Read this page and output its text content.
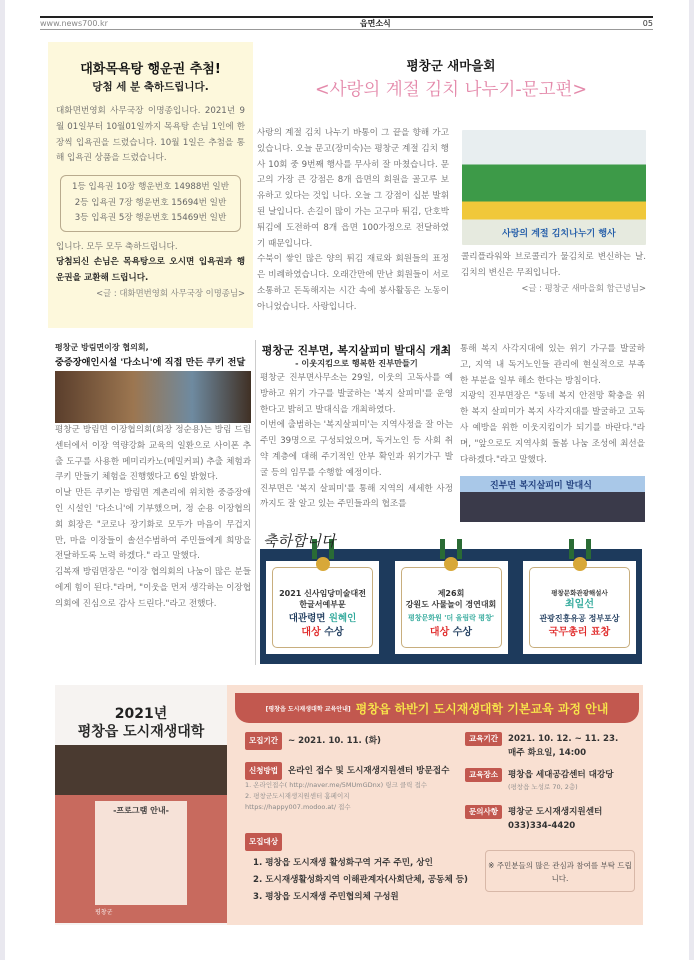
www.news700.kr	읍면소식	05
대화목욕탕 행운권 추첨!
당첨 세 분 축하드립니다.

대화면번영회 사무국장 이명종입니다. 2021년 9월 01일부터 10월01일까지 목욕탕 손님 1인에 한 장씩 입욕권을 드렸습니다. 10월 1일은 추첨을 통해 입욕권 상품을 드렸습니다.

1등 입욕권 10장 행운번호 14988번 일반
2등 입욕권 7장 행운번호 15694번 일반
3등 입욕권 5장 행운번호 15469번 일반

입니다. 모두 모두 축하드립니다.

당첨되신 손님은 목욕탕으로 오시면 입욕권과 행운권을 교환해 드립니다.

<글 : 대화면번영회 사무국장 이명종님>

평창군 새마을회
<사랑의 계절 김치 나누기-문고편>

사랑의 계절 김치 나누기 바통이 그 끝을 향해 가고 있습니다. 오늘 문고(장미숙)는 평창군 계절 김치 행사 10회 중 9번째 행사를 무사히 잘 마쳤습니다. 문고의 가장 큰 강점은 8개 읍면의 회원을 골고루 보유하고 있다는 것입 니다. 오늘 그 강점이 십분 발휘된 날입니다. 손길이 많이 가는 고구마 튀김, 단호박 튀김에 도전하여 8개 읍면 100가정으로 전달하였기 때문입니다.

수북이 쌓인 많은 양의 튀김 재료와 회원들의 표정은 비례하였습니다. 오래간만에 만난 회원들이 서로 소통하고 돈독해지는 시간 속에 봉사활동은 노동이 아니었습니다. 사랑입니다.

사랑의 계절 김치나누기 행사

콜리플라워와 브로콜리가 물김치로 변신하는 날. 김치의 변신은 무죄입니다.

<글 : 평창군 새마을회 함근녕님>

평창군 방림면이장 협의회,
중증장애인시설 '다소니'에 직접 만든 쿠키 전달

평창군 방림면 이장협의회(회장 정순용)는 방림 드림센터에서 이장 역량강화 교육의 일환으로 사이폰 추출 도구를 사용한 메미리카노(메밀커피) 추출 체험과 쿠키 만들기 체험을 진행했다고 6일 밝혔다.

이날 만든 쿠키는 방림면 계촌리에 위치한 중증장애인 시설인 '다소니'에 기부했으며, 정 순용 이장협의회 회장은 "코로나 장기화로 모두가 마음이 무겁지만, 마을 이장들이 솔선수범하여 주민들에게 희망을 전달하도록 노력 하겠다." 라고 말했다.

김복재 방림면장은 "이장 협의회의 나눔이 많은 분들에게 힘이 된다."라며, "이웃을 먼저 생각하는 이장협의회에 진심으로 감사 드린다."라고 전했다.

평창군 진부면, 복지살피미 발대식 개최
- 이웃지킴으로 행복한 진부만들기

평창군 진부면사무소는 29일, 이웃의 고독사를 예방하고 위기 가구를 발굴하는 '복지 살피미'를 운영한다고 밝히고 발대식을 개최하였다.

이번에 출범하는 '복지살피미'는 지역사정을 잘 아는 주민 39명으로 구성되었으며, 독거노인 등 사회 취약 계층에 대해 주기적인 안부 확인과 위기가구 발굴 등의 임무를 수행할 예정이다.

진부면은 '복지 살피미'를 통해 지역의 세세한 사정까지도 잘 알고 있는 주민들과의 협조를

통해 복지 사각지대에 있는 위기 가구를 발굴하고, 지역 내 독거노인들 관리에 현실적으로 부족한 부분을 일부 해소 한다는 방침이다.

지광익 진부면장은 "동네 복지 안전망 확충을 위한 복지 살피미가 복지 사각지대를 발굴하고 고독사 예방을 위한 이웃지킴이가 되기를 바란다."라며, "앞으로도 지역사회 돌봄 나눔 조성에 최선을 다하겠다."라고 말했다.

진부면 복지살피미 발대식
2021 신사임당미술대전
한글서예부문
대관령면 원혜인
대상 수상
제26회
강원도 사물놀이 경연대회
평창문화원 '더 울림락 평창'
대상 수상
평창문화관광해설사
최일선
관광진흥유공 정부포상
국무총리 표창
축하합니다
2021년
평창읍 도시재생대학
-프로그램 안내-
평창군
[평창읍 도시재생대학 교육안내] 평창읍 하반기 도시재생대학 기본교육 과정 안내
모집기간 ~ 2021. 10. 11. (화)
신청방법 온라인 접수 및 도시재생지원센터 방문접수
1. 온라인접수( http://naver.me/5MUmGDnx) 링크 클릭 접수
2. 평창군도시재생지원센터 홈페이지
https://happy007.modoo.at/ 접수
모집대상
1. 평창읍 도시재생 활성화구역 거주 주민, 상인
2. 도시재생활성화지역 이해관계자(사회단체, 공동체 등)
3. 평창읍 도시재생 주민협의체 구성원
교육기간	2021. 10. 12. ~ 11. 23.
매주 화요일, 14:00
교육장소	평창읍 세대공감센터 대강당
(평창읍 노성로 70, 2층)
문의사항	평창군 도시재생지원센터
033)334-4420
※ 주민분들의 많은 관심과 참여를 부탁 드립니다.
